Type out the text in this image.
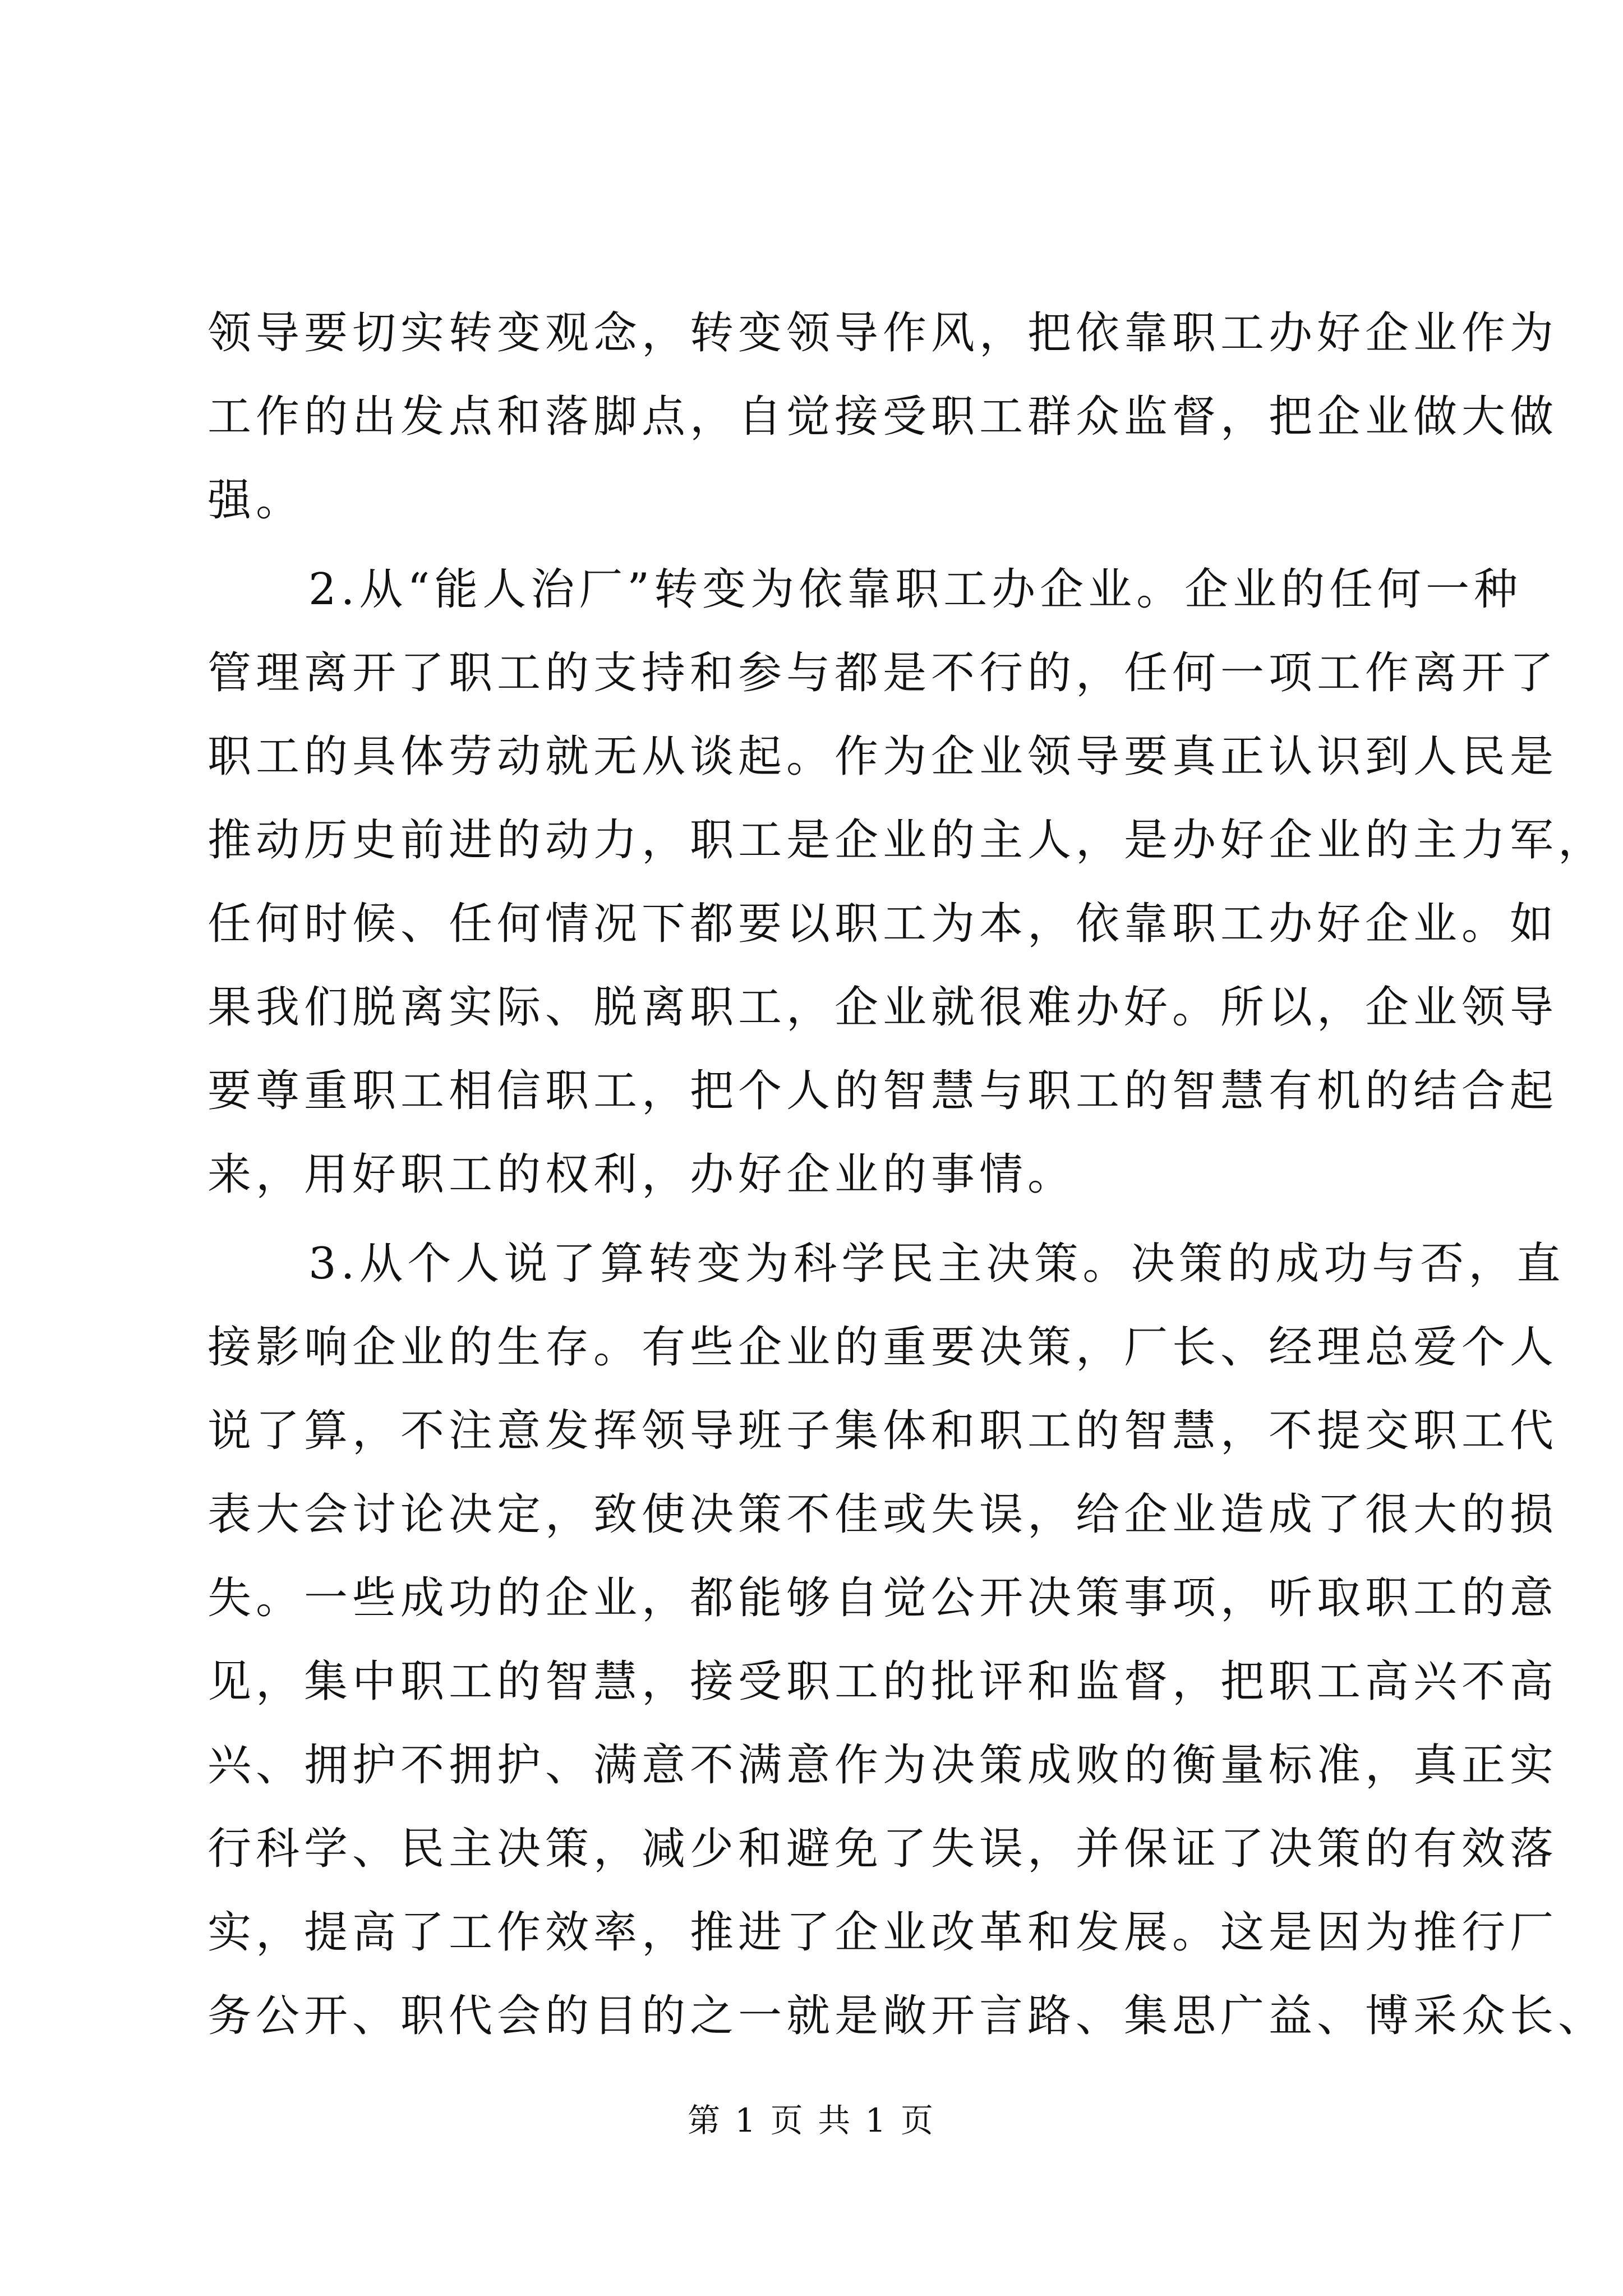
领导要切实转变观念，转变领导作风，把依靠职工办好企业作为
工作的出发点和落脚点，自觉接受职工群众监督，把企业做大做
强。
2.从“能人治厂”转变为依靠职工办企业。企业的任何一种
管理离开了职工的支持和参与都是不行的，任何一项工作离开了
职工的具体劳动就无从谈起。作为企业领导要真正认识到人民是
推动历史前进的动力，职工是企业的主人，是办好企业的主力军，
任何时候、任何情况下都要以职工为本，依靠职工办好企业。如
果我们脱离实际、脱离职工，企业就很难办好。所以，企业领导
要尊重职工相信职工，把个人的智慧与职工的智慧有机的结合起
来，用好职工的权利，办好企业的事情。
3.从个人说了算转变为科学民主决策。决策的成功与否，直
接影响企业的生存。有些企业的重要决策，厂长、经理总爱个人
说了算，不注意发挥领导班子集体和职工的智慧，不提交职工代
表大会讨论决定，致使决策不佳或失误，给企业造成了很大的损
失。一些成功的企业，都能够自觉公开决策事项，听取职工的意
见，集中职工的智慧，接受职工的批评和监督，把职工高兴不高
兴、拥护不拥护、满意不满意作为决策成败的衡量标准，真正实
行科学、民主决策，减少和避免了失误，并保证了决策的有效落
实，提高了工作效率，推进了企业改革和发展。这是因为推行厂
务公开、职代会的目的之一就是敞开言路、集思广益、博采众长、
第 1 页 共 1 页
